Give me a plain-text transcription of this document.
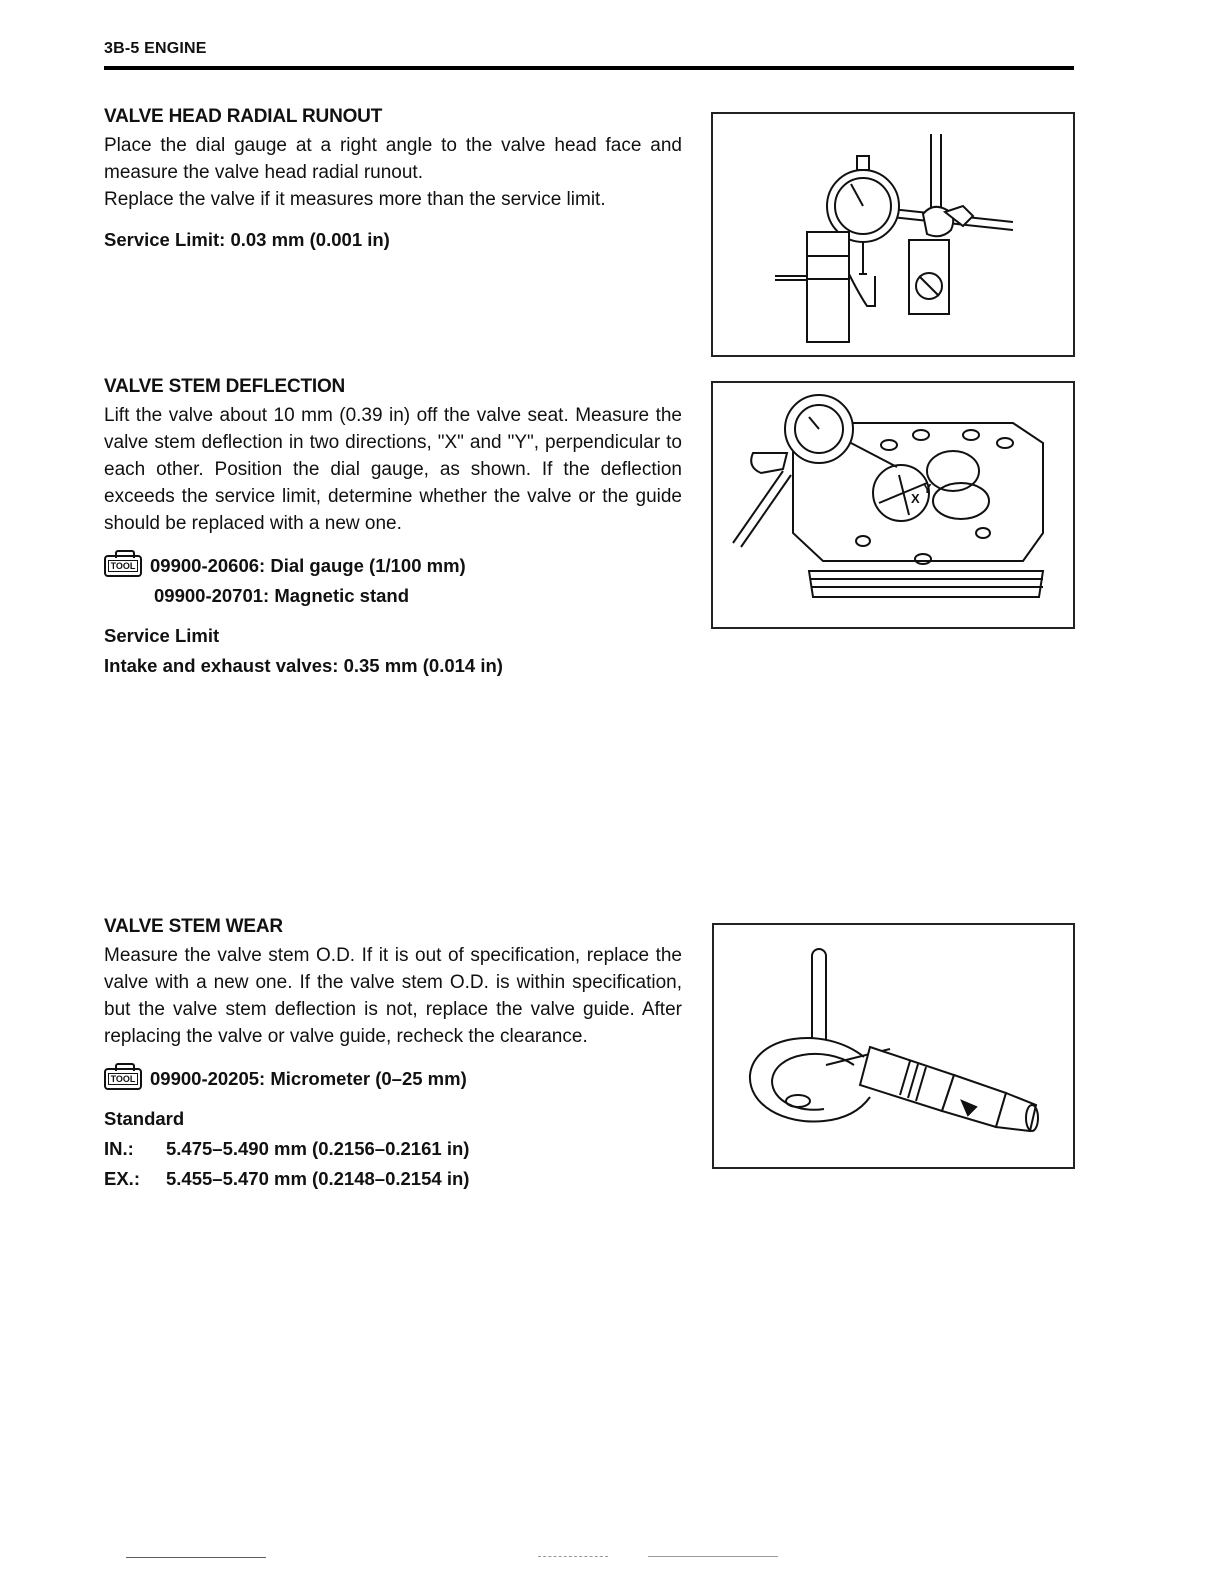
3B-5 ENGINE
VALVE HEAD RADIAL RUNOUT

Place the dial gauge at a right angle to the valve head face and measure the valve head radial runout.

Replace the valve if it measures more than the service limit.

Service Limit: 0.03 mm (0.001 in)

VALVE STEM DEFLECTION

Lift the valve about 10 mm (0.39 in) off the valve seat. Measure the valve stem deflection in two directions, "X" and "Y", perpendicular to each other. Position the dial gauge, as shown. If the deflection exceeds the service limit, determine whether the valve or the guide should be replaced with a new one.

TOOL 09900-20606: Dial gauge (1/100 mm)

09900-20701: Magnetic stand

Service Limit

Intake and exhaust valves: 0.35 mm (0.014 in)

X
Y
VALVE STEM WEAR

Measure the valve stem O.D. If it is out of specification, replace the valve with a new one. If the valve stem O.D. is within specification, but the valve stem deflection is not, replace the valve guide. After replacing the valve or valve guide, recheck the clearance.

TOOL 09900-20205: Micrometer (0–25 mm)

Standard

IN.:	5.475–5.490 mm (0.2156–0.2161 in)

EX.:	5.455–5.470 mm (0.2148–0.2154 in)
